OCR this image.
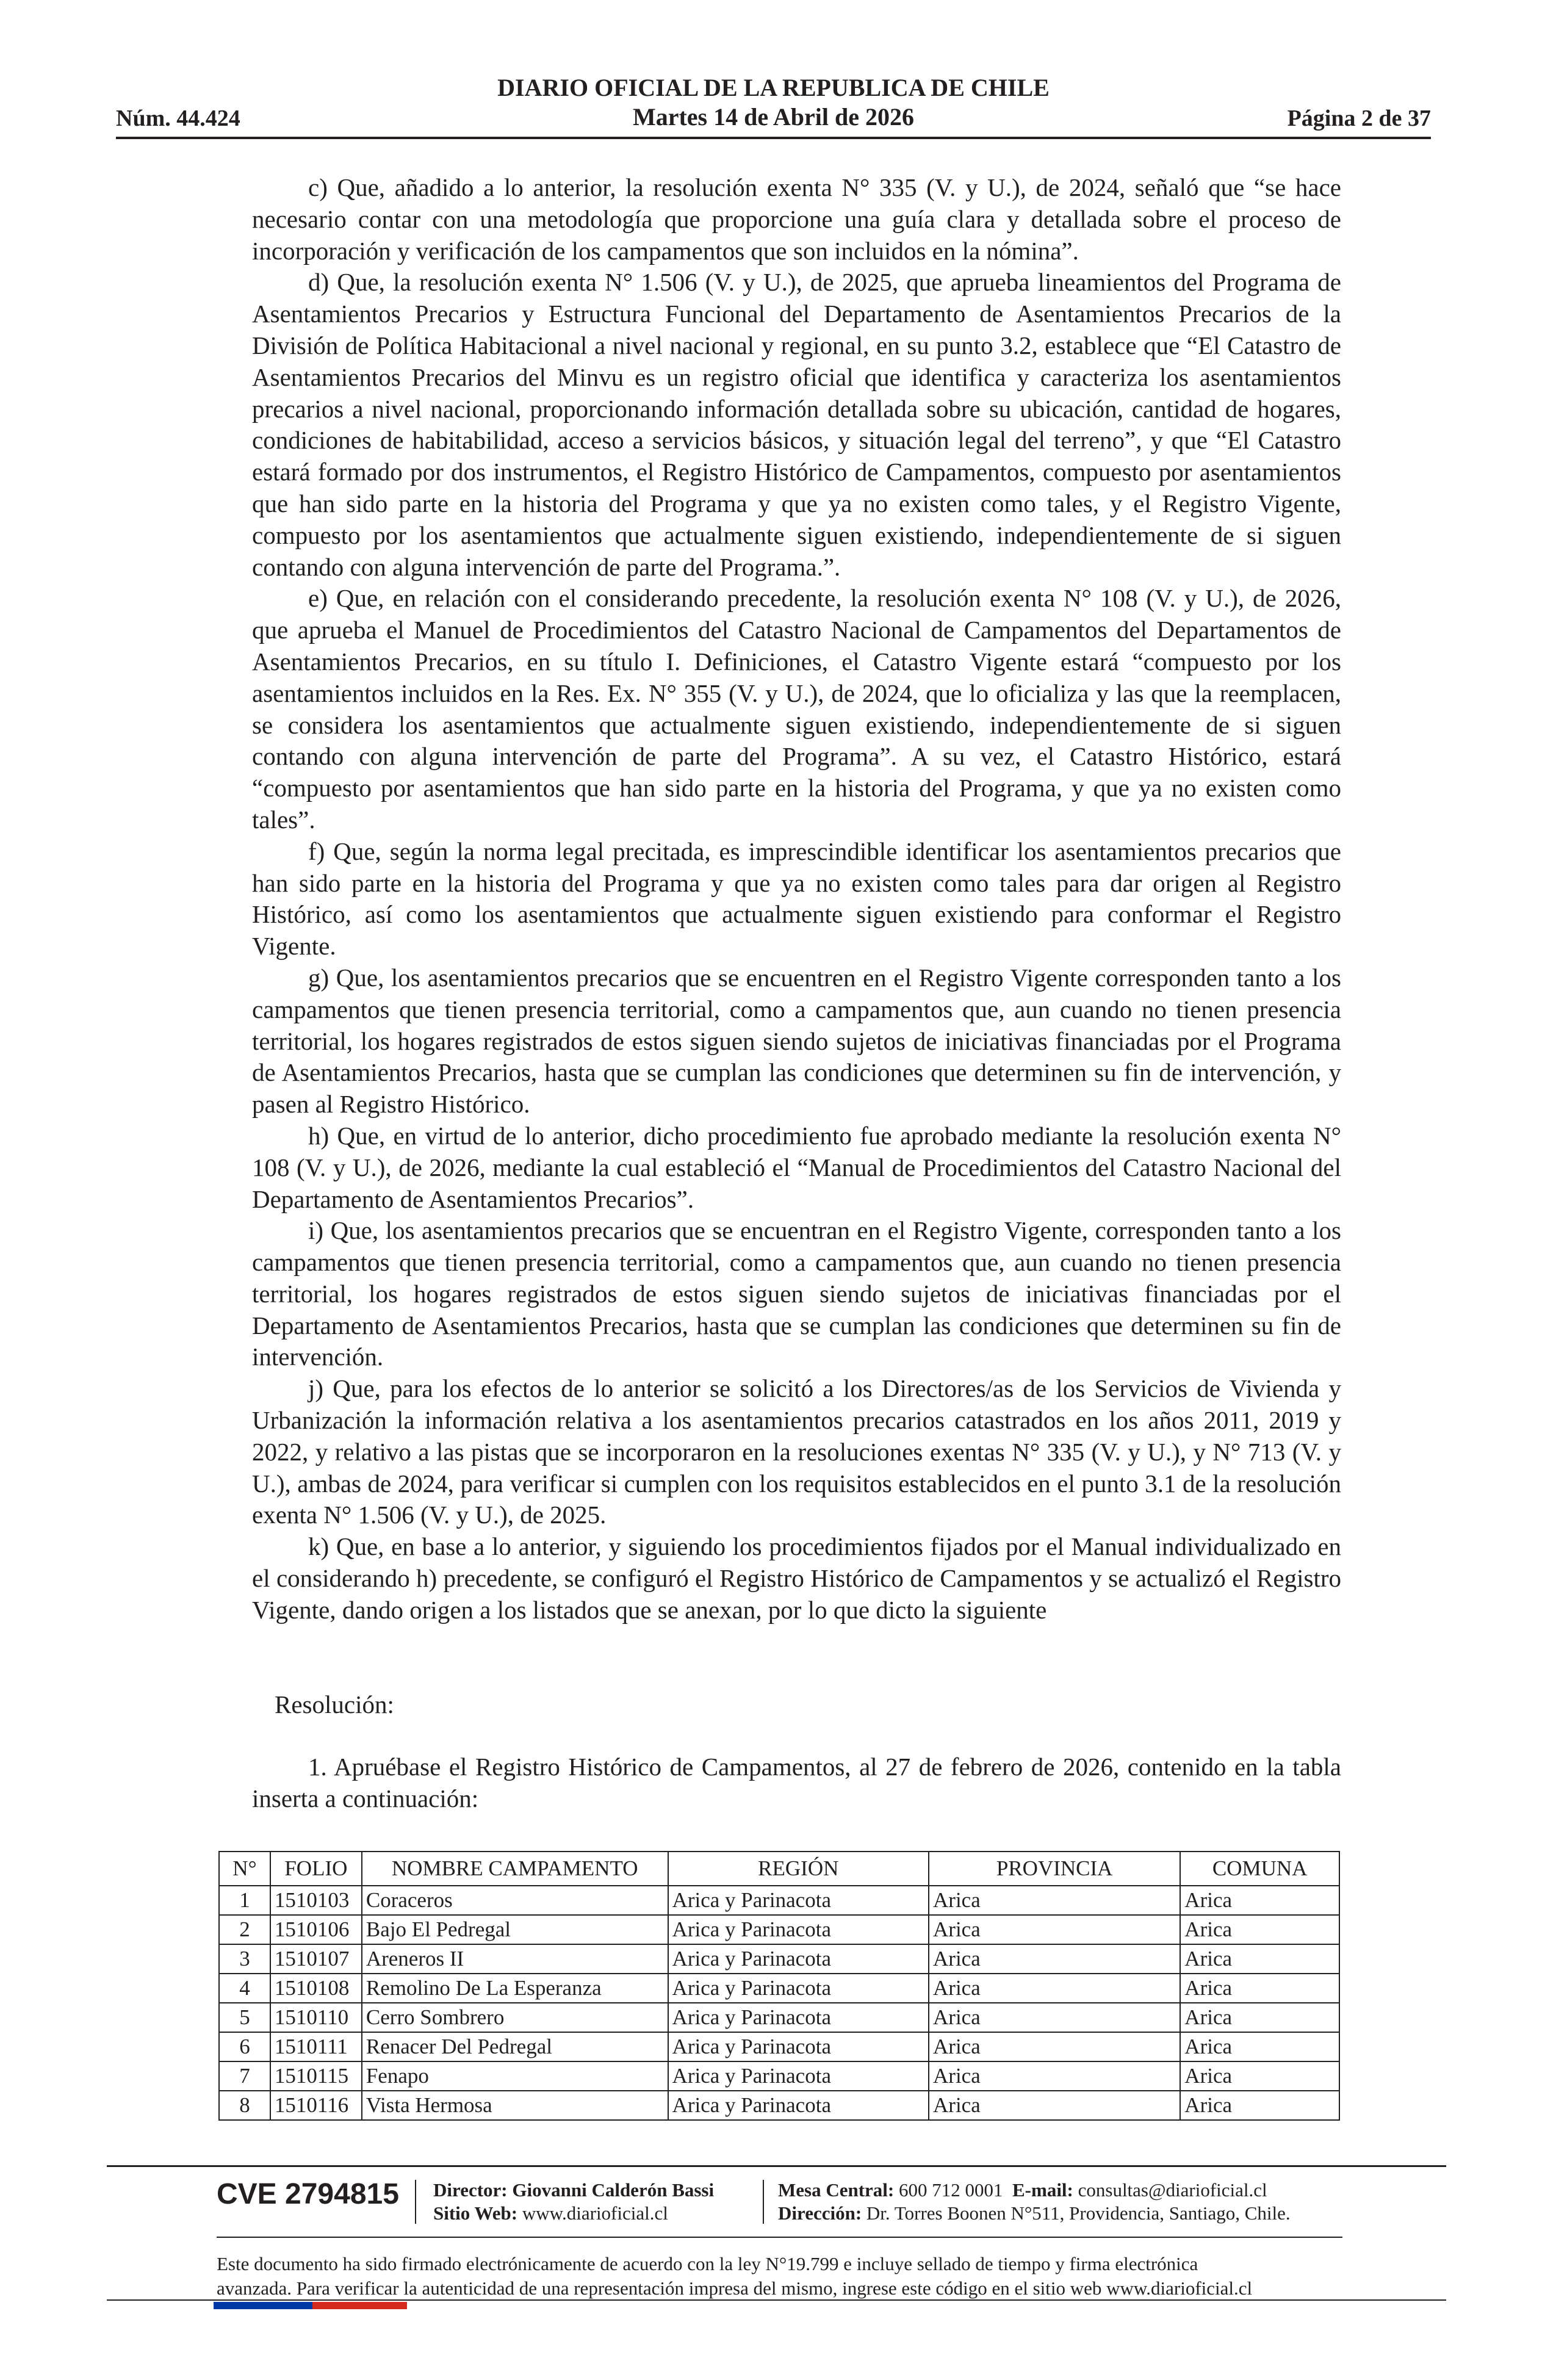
DIARIO OFICIAL DE LA REPUBLICA DE CHILE
Martes 14 de Abril de 2026
Núm. 44.424	Página 2 de 37

c) Que, añadido a lo anterior, la resolución exenta N° 335 (V. y U.), de 2024, señaló que “se hace necesario contar con una metodología que proporcione una guía clara y detallada sobre el proceso de incorporación y verificación de los campamentos que son incluidos en la nómina”.

d) Que, la resolución exenta N° 1.506 (V. y U.), de 2025, que aprueba lineamientos del Programa de Asentamientos Precarios y Estructura Funcional del Departamento de Asentamientos Precarios de la División de Política Habitacional a nivel nacional y regional, en su punto 3.2, establece que “El Catastro de Asentamientos Precarios del Minvu es un registro oficial que identifica y caracteriza los asentamientos precarios a nivel nacional, proporcionando información detallada sobre su ubicación, cantidad de hogares, condiciones de habitabilidad, acceso a servicios básicos, y situación legal del terreno”, y que “El Catastro estará formado por dos instrumentos, el Registro Histórico de Campamentos, compuesto por asentamientos que han sido parte en la historia del Programa y que ya no existen como tales, y el Registro Vigente, compuesto por los asentamientos que actualmente siguen existiendo, independientemente de si siguen contando con alguna intervención de parte del Programa.”.

e) Que, en relación con el considerando precedente, la resolución exenta N° 108 (V. y U.), de 2026, que aprueba el Manuel de Procedimientos del Catastro Nacional de Campamentos del Departamentos de Asentamientos Precarios, en su título I. Definiciones, el Catastro Vigente estará “compuesto por los asentamientos incluidos en la Res. Ex. N° 355 (V. y U.), de 2024, que lo oficializa y las que la reemplacen, se considera los asentamientos que actualmente siguen existiendo, independientemente de si siguen contando con alguna intervención de parte del Programa”. A su vez, el Catastro Histórico, estará “compuesto por asentamientos que han sido parte en la historia del Programa, y que ya no existen como tales”.

f) Que, según la norma legal precitada, es imprescindible identificar los asentamientos precarios que han sido parte en la historia del Programa y que ya no existen como tales para dar origen al Registro Histórico, así como los asentamientos que actualmente siguen existiendo para conformar el Registro Vigente.

g) Que, los asentamientos precarios que se encuentren en el Registro Vigente corresponden tanto a los campamentos que tienen presencia territorial, como a campamentos que, aun cuando no tienen presencia territorial, los hogares registrados de estos siguen siendo sujetos de iniciativas financiadas por el Programa de Asentamientos Precarios, hasta que se cumplan las condiciones que determinen su fin de intervención, y pasen al Registro Histórico.

h) Que, en virtud de lo anterior, dicho procedimiento fue aprobado mediante la resolución exenta N° 108 (V. y U.), de 2026, mediante la cual estableció el “Manual de Procedimientos del Catastro Nacional del Departamento de Asentamientos Precarios”.

i) Que, los asentamientos precarios que se encuentran en el Registro Vigente, corresponden tanto a los campamentos que tienen presencia territorial, como a campamentos que, aun cuando no tienen presencia territorial, los hogares registrados de estos siguen siendo sujetos de iniciativas financiadas por el Departamento de Asentamientos Precarios, hasta que se cumplan las condiciones que determinen su fin de intervención.

j) Que, para los efectos de lo anterior se solicitó a los Directores/as de los Servicios de Vivienda y Urbanización la información relativa a los asentamientos precarios catastrados en los años 2011, 2019 y 2022, y relativo a las pistas que se incorporaron en la resoluciones exentas N° 335 (V. y U.), y N° 713 (V. y U.), ambas de 2024, para verificar si cumplen con los requisitos establecidos en el punto 3.1 de la resolución exenta N° 1.506 (V. y U.), de 2025.

k) Que, en base a lo anterior, y siguiendo los procedimientos fijados por el Manual individualizado en el considerando h) precedente, se configuró el Registro Histórico de Campamentos y se actualizó el Registro Vigente, dando origen a los listados que se anexan, por lo que dicto la siguiente

Resolución:

1. Apruébase el Registro Histórico de Campamentos, al 27 de febrero de 2026, contenido en la tabla inserta a continuación:

N°	FOLIO	NOMBRE CAMPAMENTO	REGIÓN	PROVINCIA	COMUNA
1	1510103	Coraceros	Arica y Parinacota	Arica	Arica
2	1510106	Bajo El Pedregal	Arica y Parinacota	Arica	Arica
3	1510107	Areneros II	Arica y Parinacota	Arica	Arica
4	1510108	Remolino De La Esperanza	Arica y Parinacota	Arica	Arica
5	1510110	Cerro Sombrero	Arica y Parinacota	Arica	Arica
6	1510111	Renacer Del Pedregal	Arica y Parinacota	Arica	Arica
7	1510115	Fenapo	Arica y Parinacota	Arica	Arica
8	1510116	Vista Hermosa	Arica y Parinacota	Arica	Arica
CVE 2794815 Director: Giovanni Calderón Bassi
Sitio Web: www.diarioficial.cl
Mesa Central: 600 712 0001 E-mail: consultas@diarioficial.cl
Dirección: Dr. Torres Boonen N°511, Providencia, Santiago, Chile.
Este documento ha sido firmado electrónicamente de acuerdo con la ley N°19.799 e incluye sellado de tiempo y firma electrónica
avanzada. Para verificar la autenticidad de una representación impresa del mismo, ingrese este código en el sitio web www.diarioficial.cl
